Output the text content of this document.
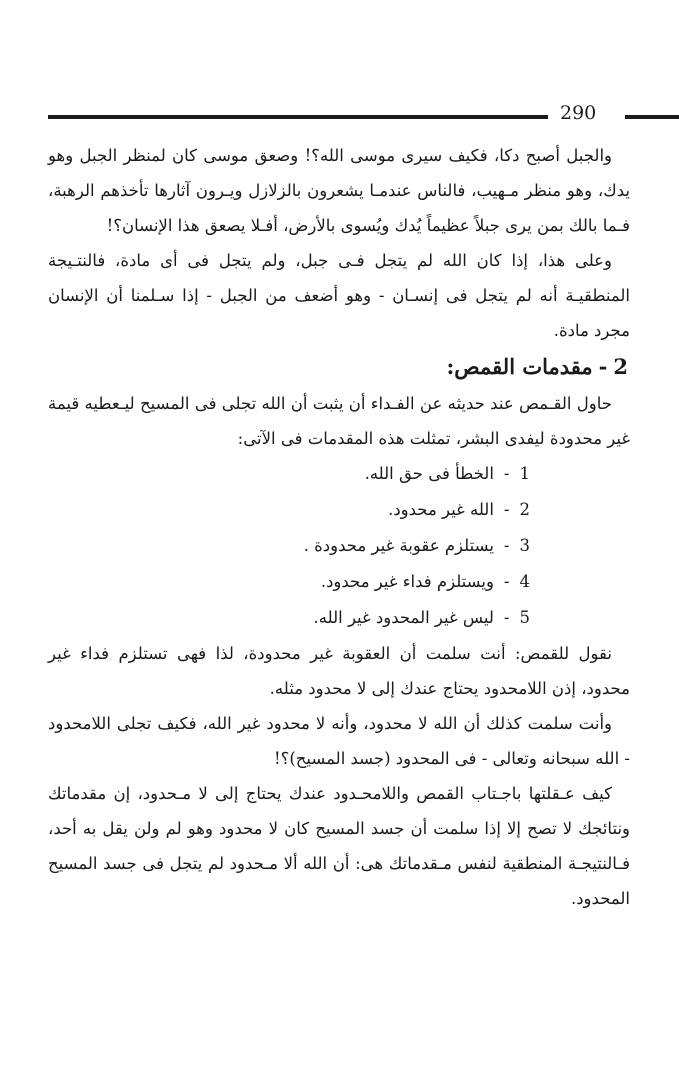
290

والجبل أصبح دكا، فكيف سيرى موسى الله؟! وصعق موسى كان لمنظر الجبل وهو يدك، وهو منظر مـهيب، فالناس عندمـا يشعرون بالزلازل ويـرون آثارها تأخذهم الرهبة، فـما بالك بمن يرى جبلاً عظيماً يُدك ويُسوى بالأرض، أفـلا يصعق هذا الإنسان؟!

وعلى هذا، إذا كان الله لم يتجل فـى جبل، ولم يتجل فى أى مادة، فالنتـيجة المنطقيـة أنه لم يتجل فى إنسـان - وهو أضعف من الجبل - إذا سـلمنا أن الإنسان مجرد مادة.

2
-
مقدمات القمص:

حاول القـمص عند حديثه عن الفـداء أن يثبت أن الله تجلى فى المسيح ليـعطيه قيمة غير محدودة ليفدى البشر، تمثلت هذه المقدمات فى الآتى:

1
-
الخطأ فى حق الله.
2
-
الله غير محدود.
3
-
يستلزم عقوبة غير محدودة .
4
-
ويستلزم فداء غير محدود.
5
-
ليس غير المحدود غير الله.

نقول للقمص: أنت سلمت أن العقوبة غير محدودة، لذا فهى تستلزم فداء غير محدود، إذن اللامحدود يحتاج عندك إلى لا محدود مثله.

وأنت سلمت كذلك أن الله لا محدود، وأنه لا محدود غير الله، فكيف تجلى اللامحدود - الله سبحانه وتعالى - فى المحدود (جسد المسيح)؟!

كيف عـقلتها باجـتاب القمص واللامحـدود عندك يحتاج إلى لا مـحدود، إن مقدماتك ونتائجك لا تصح إلا إذا سلمت أن جسد المسيح كان لا محدود وهو لم ولن يقل به أحد، فـالنتيجـة المنطقية لنفس مـقدماتك هى: أن الله ألا مـحدود لم يتجل فى جسد المسيح المحدود.
